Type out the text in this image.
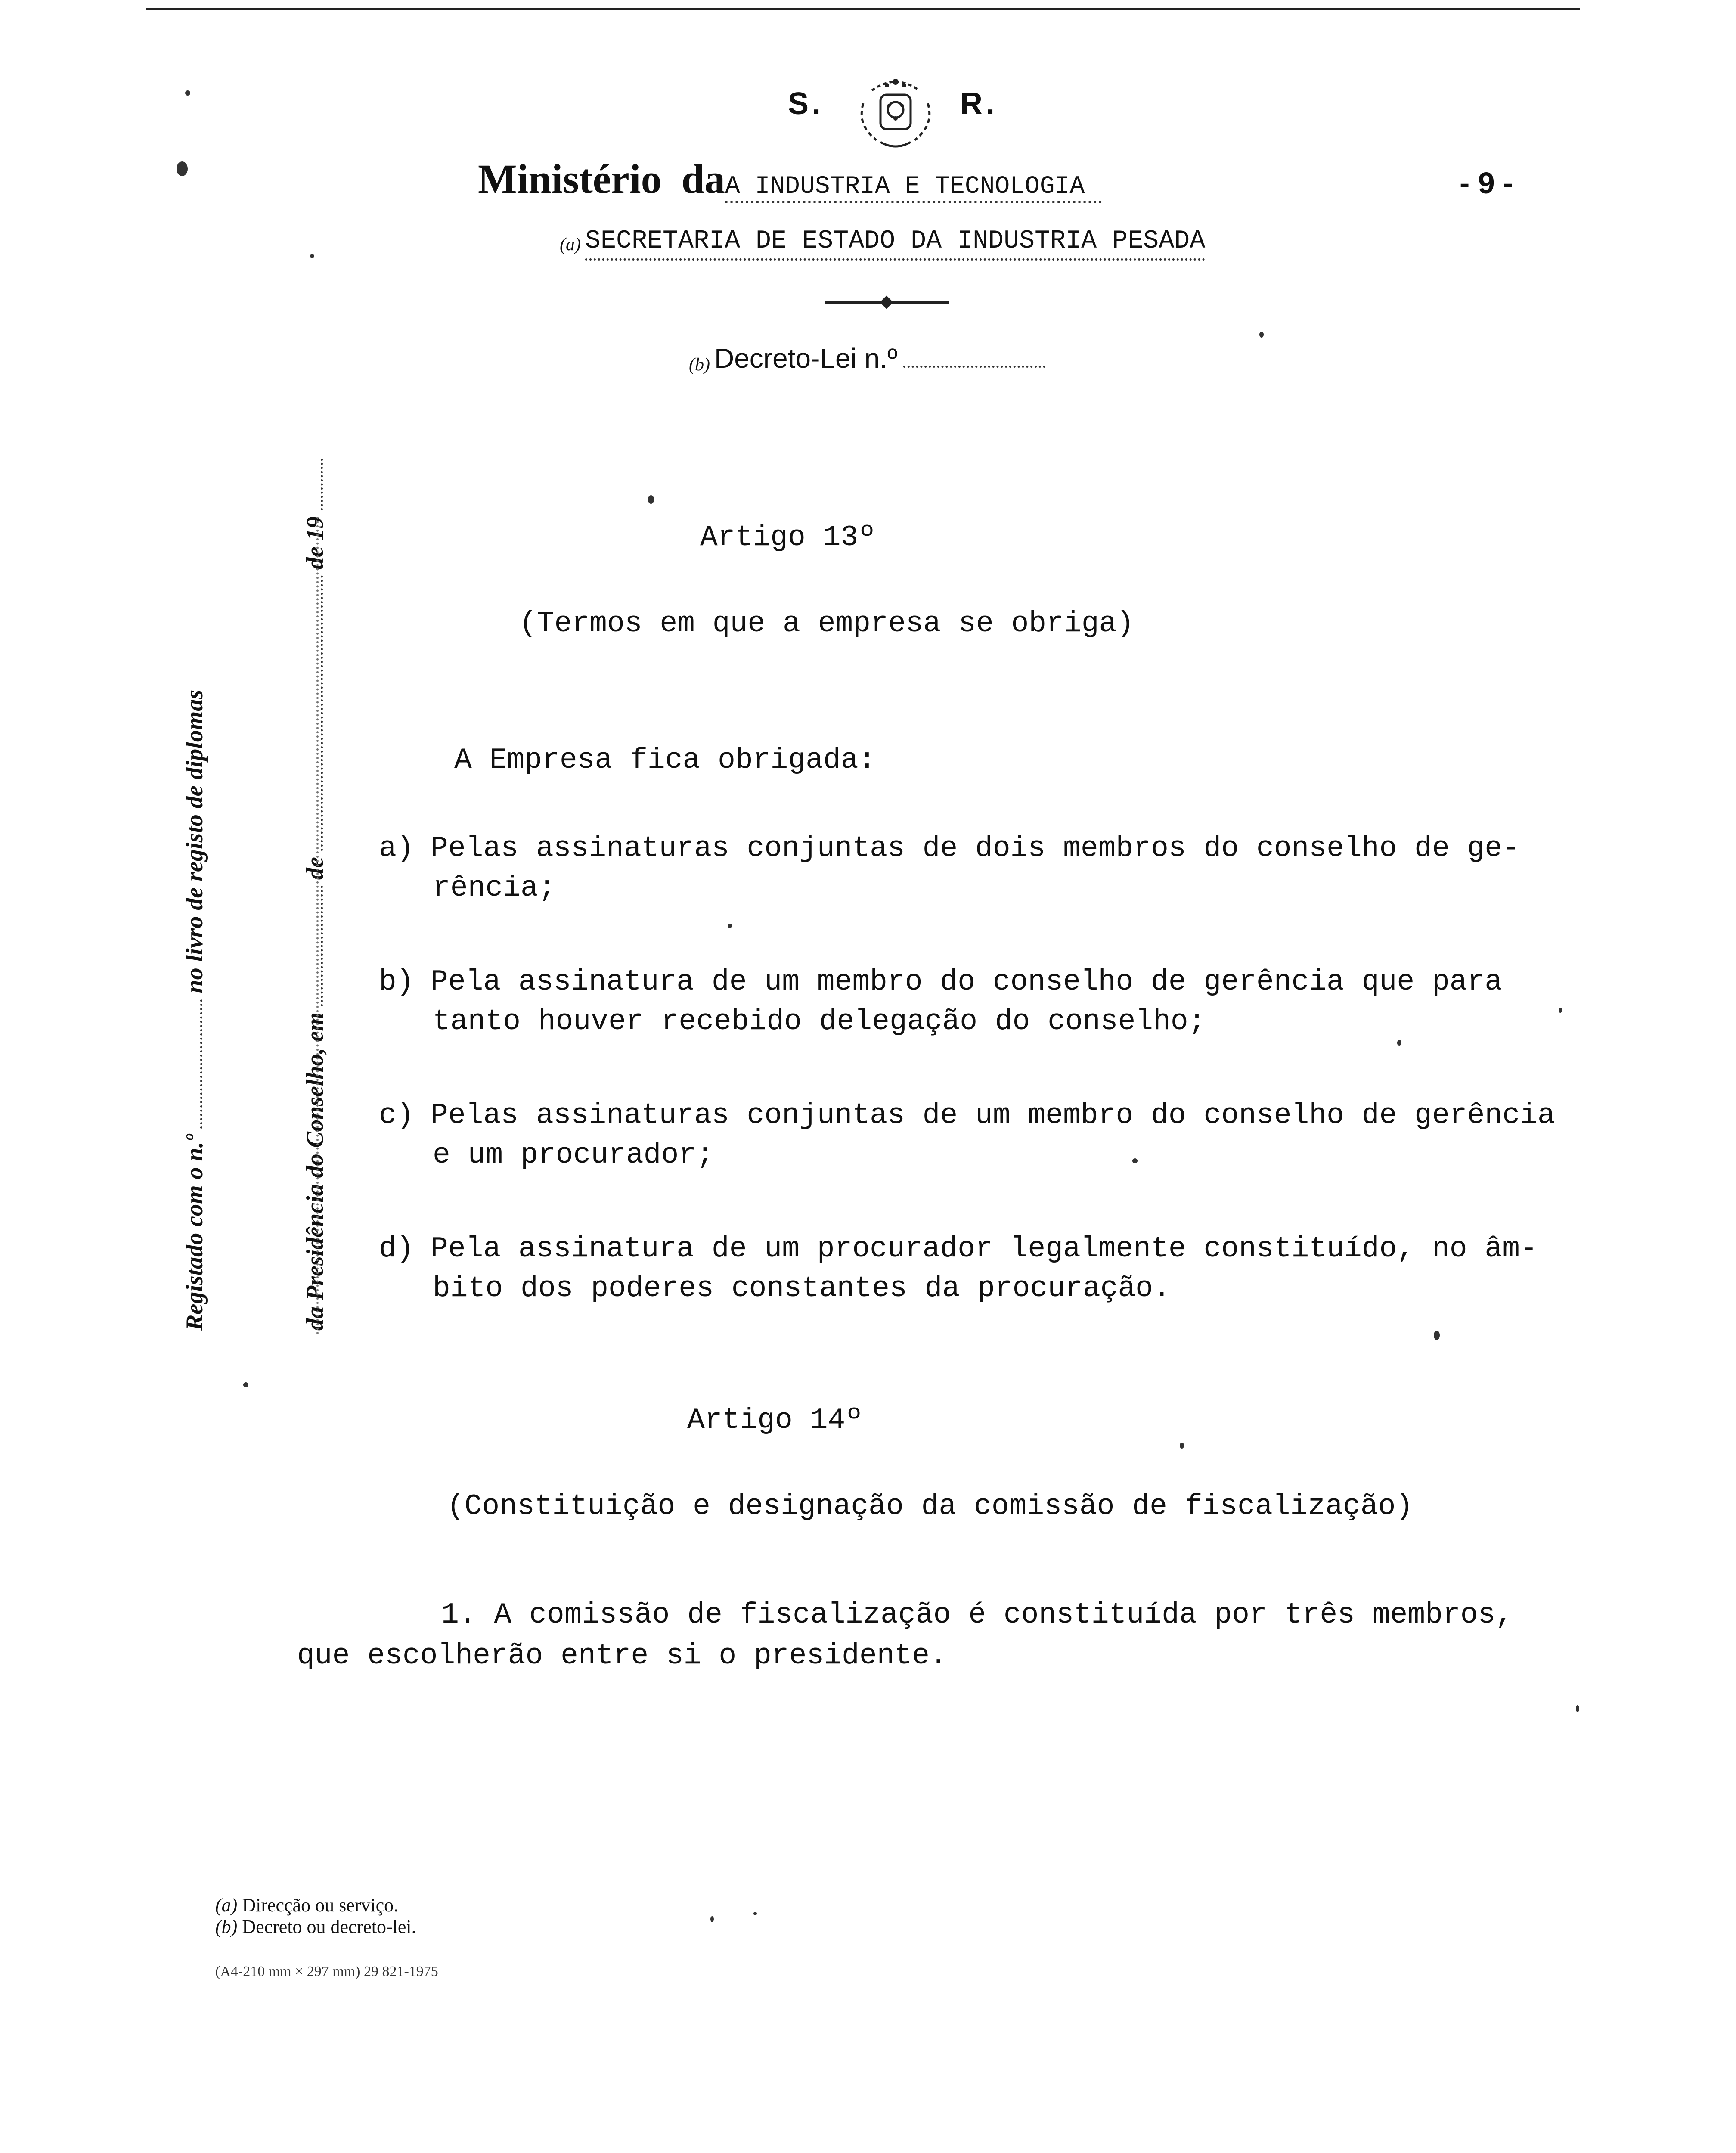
S.	R.
Ministério daA INDUSTRIA E TECNOLOGIA	- 9 -
(a) SECRETARIA DE ESTADO DA INDUSTRIA PESADA
(b) Decreto-Lei n.º
Registado com o n.º  no livro de registo de diplomas
da Presidência do Conselho, em  de  de 19	Artigo 13º
(Termos em que a empresa se obriga)
A Empresa fica obrigada:
a) Pelas assinaturas conjuntas de dois membros do conselho de ge-
rência;
b) Pela assinatura de um membro do conselho de gerência que para
tanto houver recebido delegação do conselho;
c) Pelas assinaturas conjuntas de um membro do conselho de gerência
e um procurador;
d) Pela assinatura de um procurador legalmente constituído, no âm-
bito dos poderes constantes da procuração.
Artigo 14º
(Constituição e designação da comissão de fiscalização)
1. A comissão de fiscalização é constituída por três membros,
que escolherão entre si o presidente.
(a) Direcção ou serviço.
(b) Decreto ou decreto-lei.
(A4-210 mm × 297 mm) 29 821-1975
